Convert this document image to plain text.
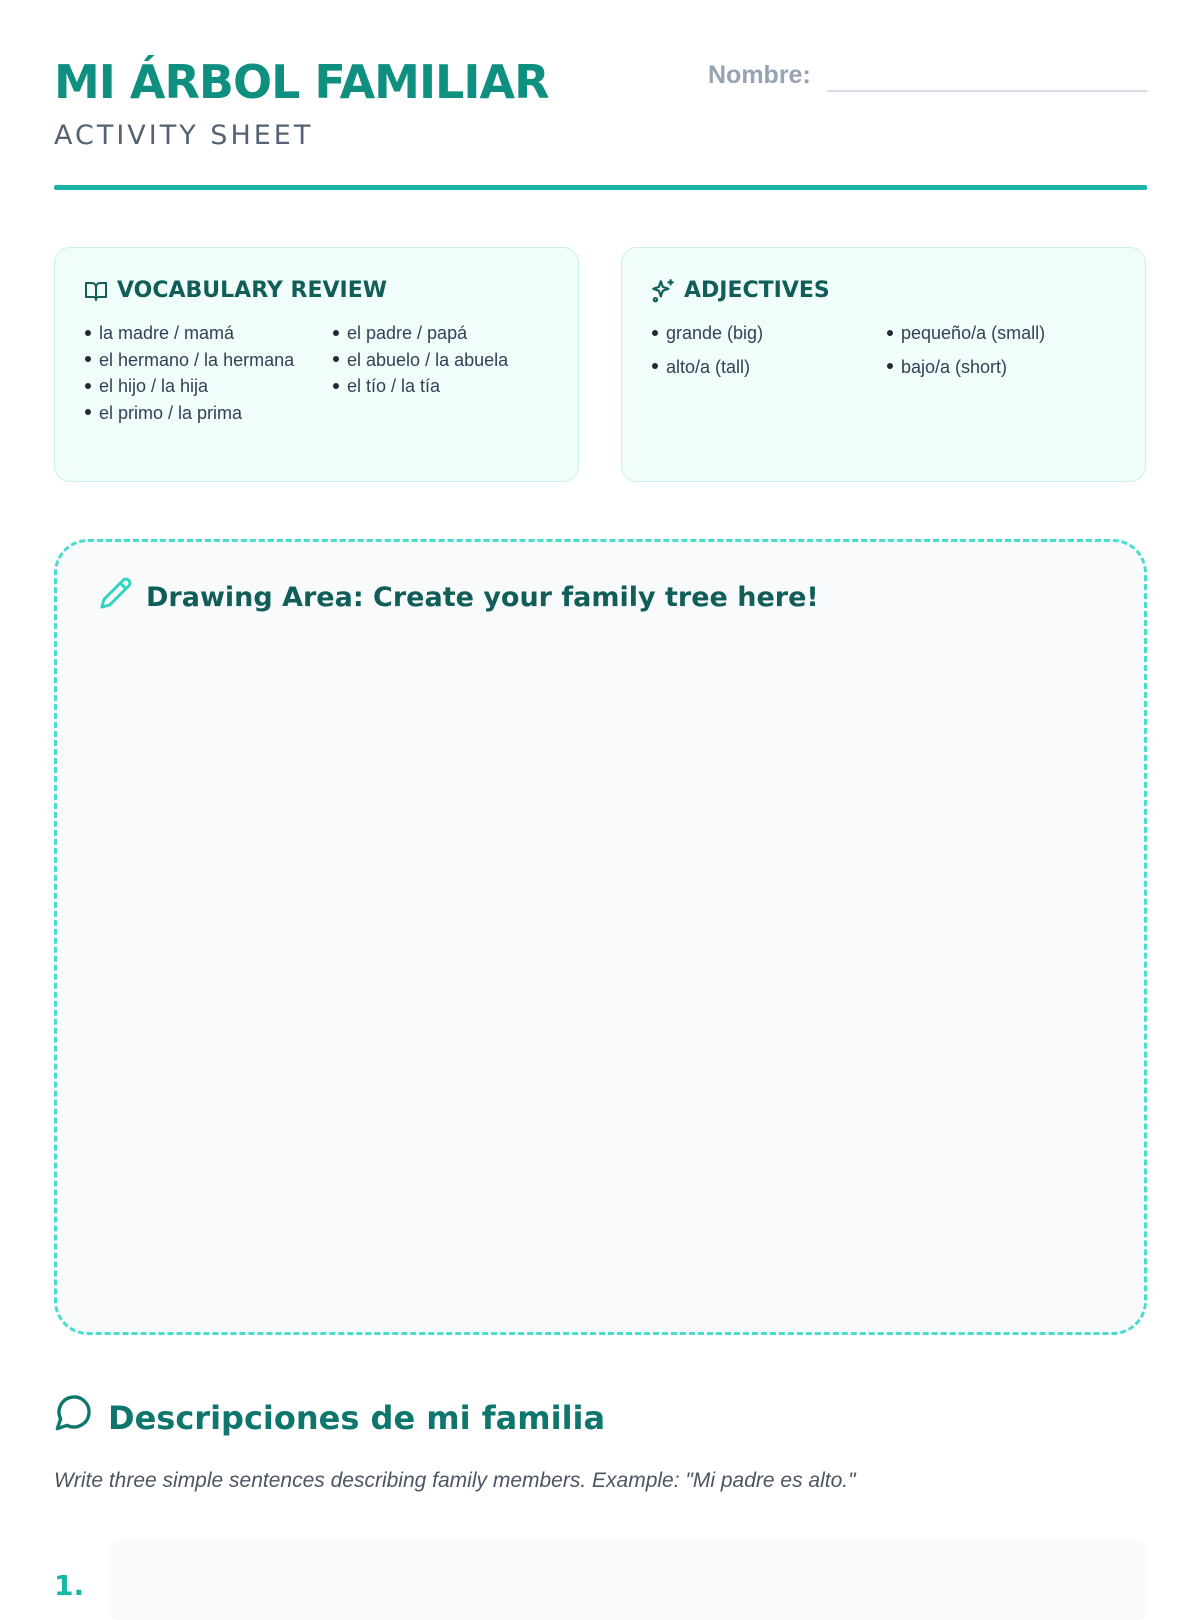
MI ÁRBOL FAMILIAR
ACTIVITY SHEET
Nombre:
VOCABULARY REVIEW
la madre / mamá	el padre / papá
el hermano / la hermana	el abuelo / la abuela
el hijo / la hija	el tío / la tía
el primo / la prima
ADJECTIVES
grande (big)	pequeño/a (small)
alto/a (tall)	bajo/a (short)
Drawing Area: Create your family tree here!
Descripciones de mi familia
Write three simple sentences describing family members. Example: "Mi padre es alto."
1.
